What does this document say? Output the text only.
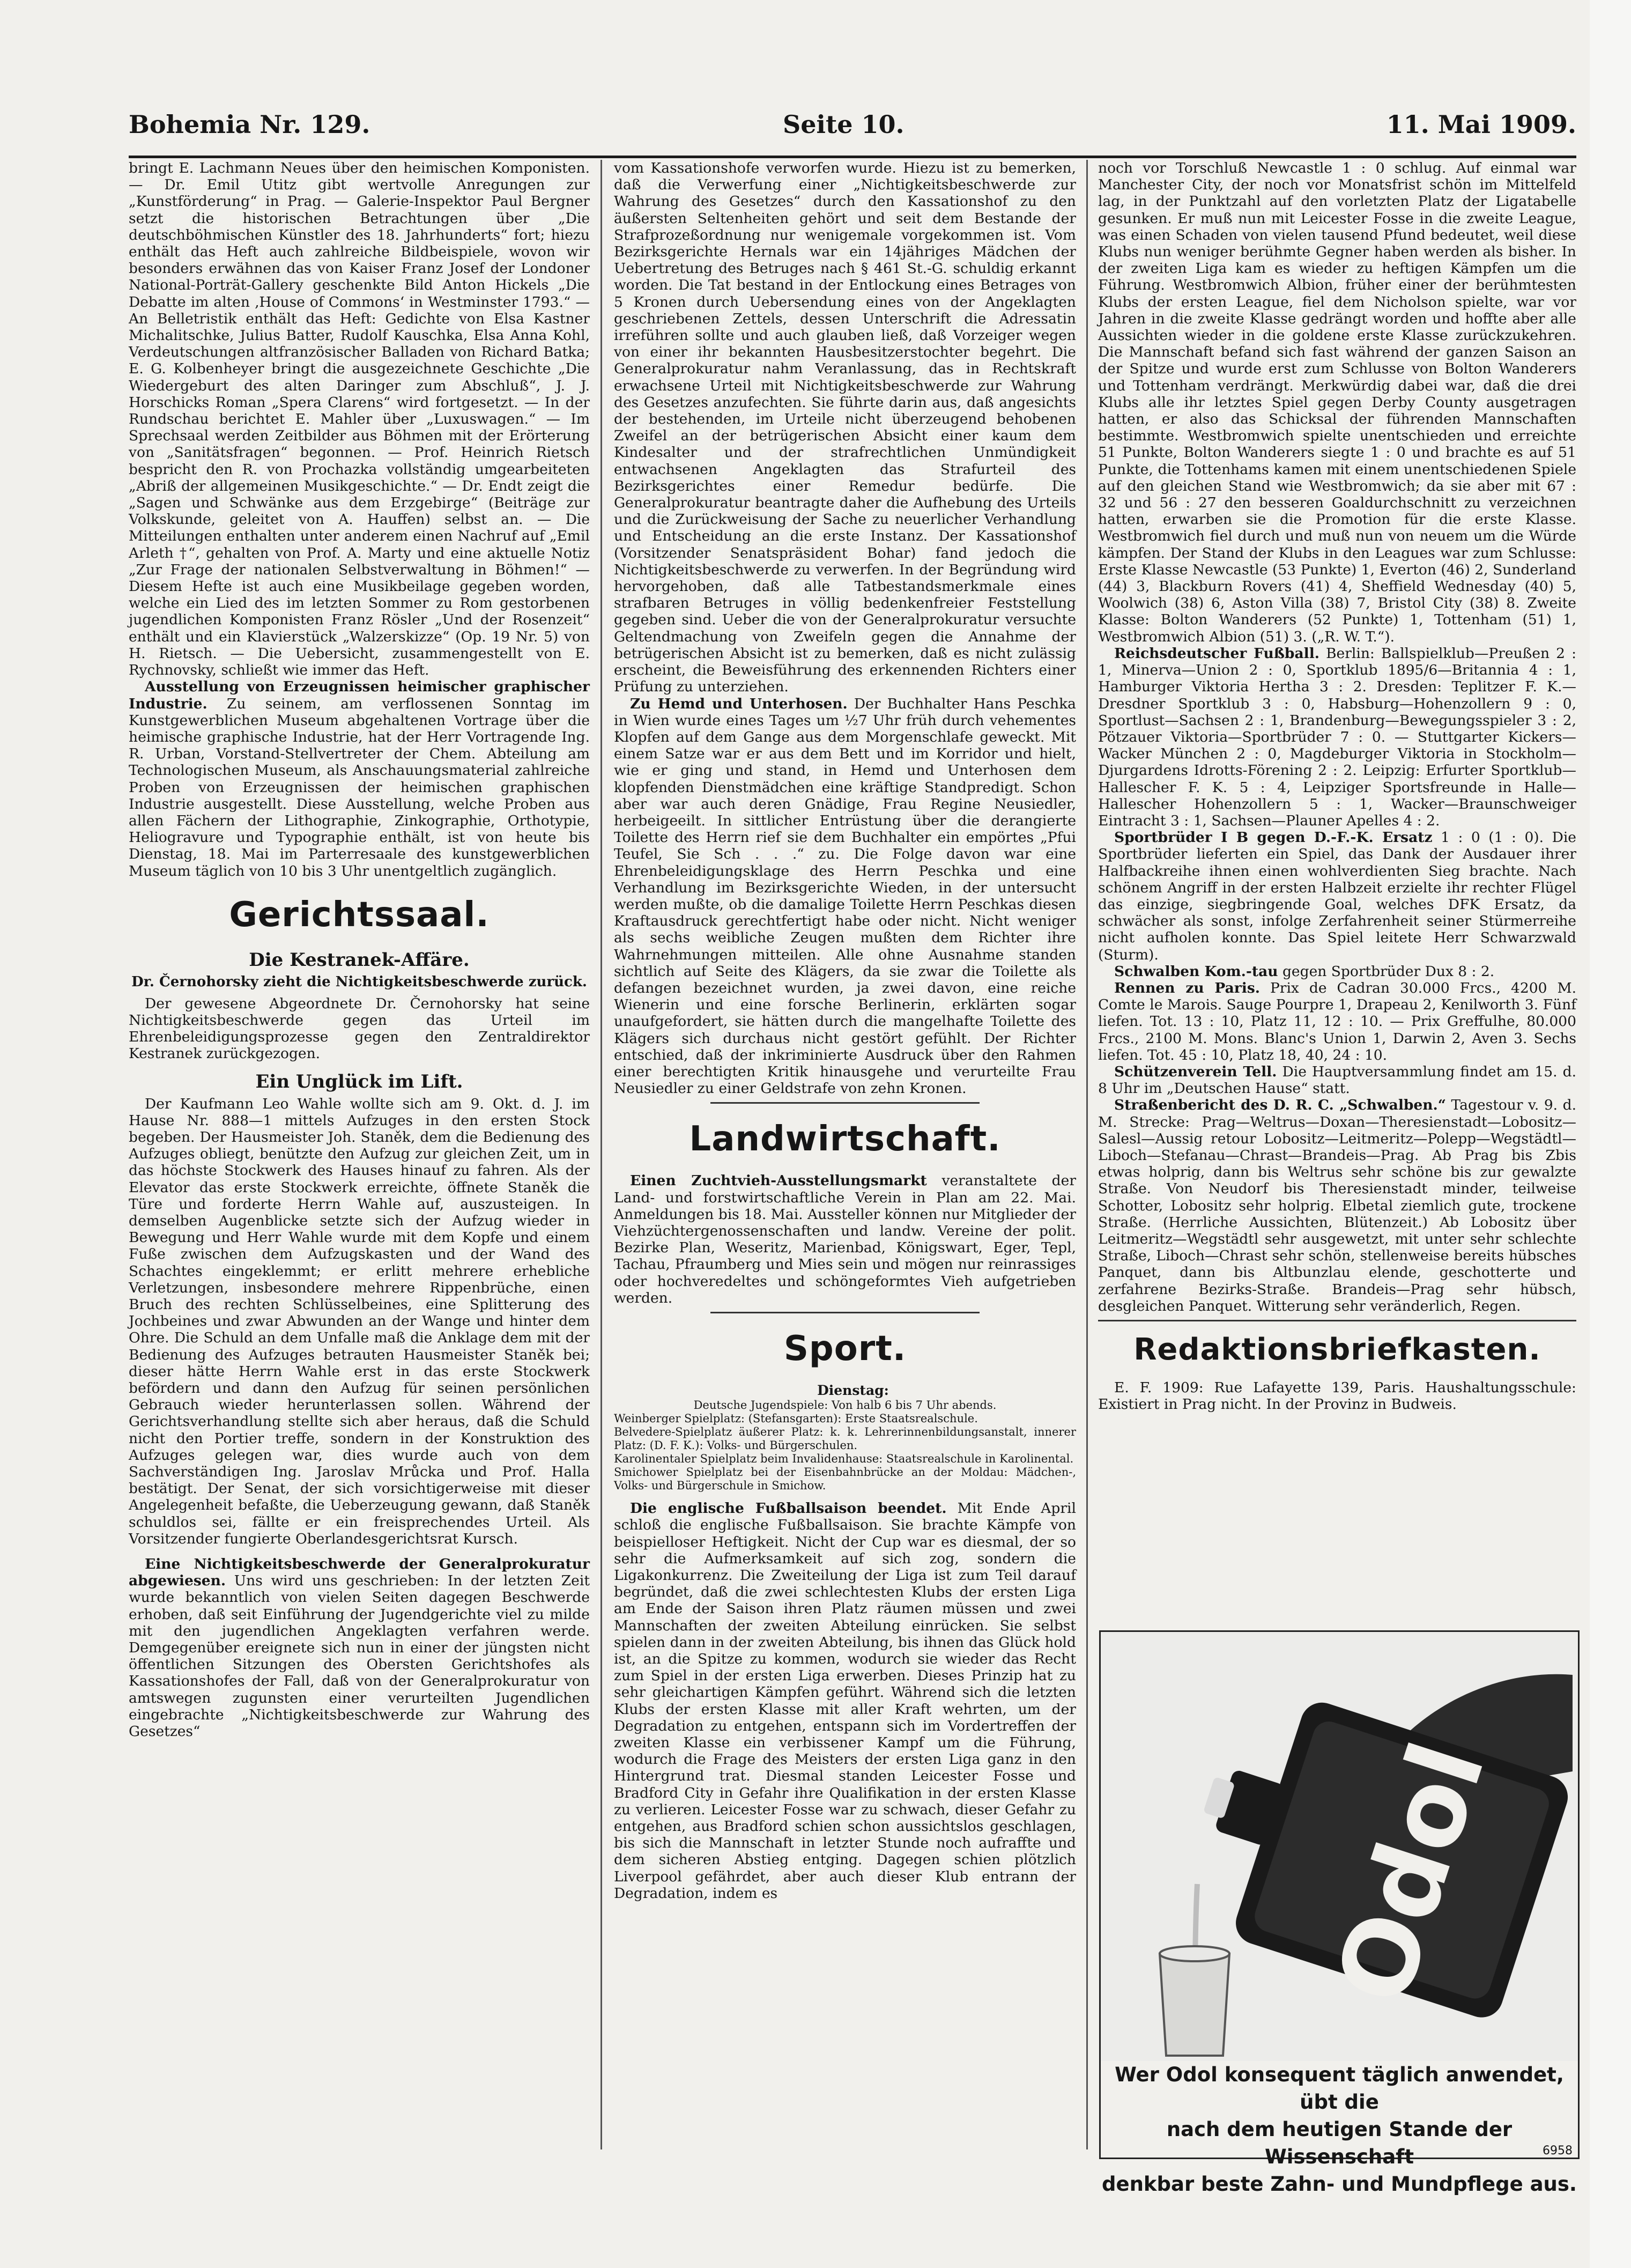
Bohemia Nr. 129.	Seite 10.	11. Mai 1909.

bringt E. Lachmann Neues über den heimischen Komponisten. — Dr. Emil Utitz gibt wertvolle Anregungen zur „Kunstförderung“ in Prag. — Galerie-Inspektor Paul Bergner setzt die historischen Betrachtungen über „Die deutschböhmischen Künstler des 18. Jahrhunderts“ fort; hiezu enthält das Heft auch zahlreiche Bildbeispiele, wovon wir besonders erwähnen das von Kaiser Franz Josef der Londoner National-Porträt-Gallery geschenkte Bild Anton Hickels „Die Debatte im alten ‚House of Commons‘ in Westminster 1793.“ — An Belletristik enthält das Heft: Gedichte von Elsa Kastner Michalitschke, Julius Batter, Rudolf Kauschka, Elsa Anna Kohl, Verdeutschungen altfranzösischer Balladen von Richard Batka; E. G. Kolbenheyer bringt die ausgezeichnete Geschichte „Die Wiedergeburt des alten Daringer zum Abschluß“, J. J. Horschicks Roman „Spera Clarens“ wird fortgesetzt. — In der Rundschau berichtet E. Mahler über „Luxuswagen.“ — Im Sprechsaal werden Zeitbilder aus Böhmen mit der Erörterung von „Sanitätsfragen“ begonnen. — Prof. Heinrich Rietsch bespricht den R. von Prochazka vollständig umgearbeiteten „Abriß der allgemeinen Musikgeschichte.“ — Dr. Endt zeigt die „Sagen und Schwänke aus dem Erzgebirge“ (Beiträge zur Volkskunde, geleitet von A. Hauffen) selbst an. — Die Mitteilungen enthalten unter anderem einen Nachruf auf „Emil Arleth †“, gehalten von Prof. A. Marty und eine aktuelle Notiz „Zur Frage der nationalen Selbstverwaltung in Böhmen!“ — Diesem Hefte ist auch eine Musikbeilage gegeben worden, welche ein Lied des im letzten Sommer zu Rom gestorbenen jugendlichen Komponisten Franz Rösler „Und der Rosenzeit“ enthält und ein Klavierstück „Walzerskizze“ (Op. 19 Nr. 5) von H. Rietsch. — Die Uebersicht, zusammengestellt von E. Rychnovsky, schließt wie immer das Heft.

Ausstellung von Erzeugnissen heimischer graphischer Industrie. Zu seinem, am verflossenen Sonntag im Kunstgewerblichen Museum abgehaltenen Vortrage über die heimische graphische Industrie, hat der Herr Vortragende Ing. R. Urban, Vorstand-Stellvertreter der Chem. Abteilung am Technologischen Museum, als Anschauungsmaterial zahlreiche Proben von Erzeugnissen der heimischen graphischen Industrie ausgestellt. Diese Ausstellung, welche Proben aus allen Fächern der Lithographie, Zinkographie, Orthotypie, Heliogravure und Typographie enthält, ist von heute bis Dienstag, 18. Mai im Parterresaale des kunstgewerblichen Museum täglich von 10 bis 3 Uhr unentgeltlich zugänglich.

Gerichtssaal.
Die Kestranek-Affäre.
Dr. Černohorsky zieht die Nichtigkeitsbeschwerde zurück.

Der gewesene Abgeordnete Dr. Černohorsky hat seine Nichtigkeitsbeschwerde gegen das Urteil im Ehrenbeleidigungsprozesse gegen den Zentraldirektor Kestranek zurückgezogen.

Ein Unglück im Lift.

Der Kaufmann Leo Wahle wollte sich am 9. Okt. d. J. im Hause Nr. 888—1 mittels Aufzuges in den ersten Stock begeben. Der Hausmeister Joh. Staněk, dem die Bedienung des Aufzuges obliegt, benützte den Aufzug zur gleichen Zeit, um in das höchste Stockwerk des Hauses hinauf zu fahren. Als der Elevator das erste Stockwerk erreichte, öffnete Staněk die Türe und forderte Herrn Wahle auf, auszusteigen. In demselben Augenblicke setzte sich der Aufzug wieder in Bewegung und Herr Wahle wurde mit dem Kopfe und einem Fuße zwischen dem Aufzugskasten und der Wand des Schachtes eingeklemmt; er erlitt mehrere erhebliche Verletzungen, insbesondere mehrere Rippenbrüche, einen Bruch des rechten Schlüsselbeines, eine Splitterung des Jochbeines und zwar Abwunden an der Wange und hinter dem Ohre. Die Schuld an dem Unfalle maß die Anklage dem mit der Bedienung des Aufzuges betrauten Hausmeister Staněk bei; dieser hätte Herrn Wahle erst in das erste Stockwerk befördern und dann den Aufzug für seinen persönlichen Gebrauch wieder herunterlassen sollen. Während der Gerichtsverhandlung stellte sich aber heraus, daß die Schuld nicht den Portier treffe, sondern in der Konstruktion des Aufzuges gelegen war, dies wurde auch von dem Sachverständigen Ing. Jaroslav Mrůcka und Prof. Halla bestätigt. Der Senat, der sich vorsichtigerweise mit dieser Angelegenheit befaßte, die Ueberzeugung gewann, daß Staněk schuldlos sei, fällte er ein freisprechendes Urteil. Als Vorsitzender fungierte Oberlandesgerichtsrat Kursch.

Eine Nichtigkeitsbeschwerde der Generalprokuratur abgewiesen. Uns wird uns geschrieben: In der letzten Zeit wurde bekanntlich von vielen Seiten dagegen Beschwerde erhoben, daß seit Einführung der Jugendgerichte viel zu milde mit den jugendlichen Angeklagten verfahren werde. Demgegenüber ereignete sich nun in einer der jüngsten nicht öffentlichen Sitzungen des Obersten Gerichtshofes als Kassationshofes der Fall, daß von der Generalprokuratur von amtswegen zugunsten einer verurteilten Jugendlichen eingebrachte „Nichtigkeitsbeschwerde zur Wahrung des Gesetzes“

vom Kassationshofe verworfen wurde. Hiezu ist zu bemerken, daß die Verwerfung einer „Nichtigkeitsbeschwerde zur Wahrung des Gesetzes“ durch den Kassationshof zu den äußersten Seltenheiten gehört und seit dem Bestande der Strafprozeßordnung nur wenigemale vorgekommen ist. Vom Bezirksgerichte Hernals war ein 14jähriges Mädchen der Uebertretung des Betruges nach § 461 St.-G. schuldig erkannt worden. Die Tat bestand in der Entlockung eines Betrages von 5 Kronen durch Uebersendung eines von der Angeklagten geschriebenen Zettels, dessen Unterschrift die Adressatin irreführen sollte und auch glauben ließ, daß Vorzeiger wegen von einer ihr bekannten Hausbesitzerstochter begehrt. Die Generalprokuratur nahm Veranlassung, das in Rechtskraft erwachsene Urteil mit Nichtigkeitsbeschwerde zur Wahrung des Gesetzes anzufechten. Sie führte darin aus, daß angesichts der bestehenden, im Urteile nicht überzeugend behobenen Zweifel an der betrügerischen Absicht einer kaum dem Kindesalter und der strafrechtlichen Unmündigkeit entwachsenen Angeklagten das Strafurteil des Bezirksgerichtes einer Remedur bedürfe. Die Generalprokuratur beantragte daher die Aufhebung des Urteils und die Zurückweisung der Sache zu neuerlicher Verhandlung und Entscheidung an die erste Instanz. Der Kassationshof (Vorsitzender Senatspräsident Bohar) fand jedoch die Nichtigkeitsbeschwerde zu verwerfen. In der Begründung wird hervorgehoben, daß alle Tatbestandsmerkmale eines strafbaren Betruges in völlig bedenkenfreier Feststellung gegeben sind. Ueber die von der Generalprokuratur versuchte Geltendmachung von Zweifeln gegen die Annahme der betrügerischen Absicht ist zu bemerken, daß es nicht zulässig erscheint, die Beweisführung des erkennenden Richters einer Prüfung zu unterziehen.

Zu Hemd und Unterhosen. Der Buchhalter Hans Peschka in Wien wurde eines Tages um ½7 Uhr früh durch vehementes Klopfen auf dem Gange aus dem Morgenschlafe geweckt. Mit einem Satze war er aus dem Bett und im Korridor und hielt, wie er ging und stand, in Hemd und Unterhosen dem klopfenden Dienstmädchen eine kräftige Standpredigt. Schon aber war auch deren Gnädige, Frau Regine Neusiedler, herbeigeeilt. In sittlicher Entrüstung über die derangierte Toilette des Herrn rief sie dem Buchhalter ein empörtes „Pfui Teufel, Sie Sch . . .“ zu. Die Folge davon war eine Ehrenbeleidigungsklage des Herrn Peschka und eine Verhandlung im Bezirksgerichte Wieden, in der untersucht werden mußte, ob die damalige Toilette Herrn Peschkas diesen Kraftausdruck gerechtfertigt habe oder nicht. Nicht weniger als sechs weibliche Zeugen mußten dem Richter ihre Wahrnehmungen mitteilen. Alle ohne Ausnahme standen sichtlich auf Seite des Klägers, da sie zwar die Toilette als defangen bezeichnet wurden, ja zwei davon, eine reiche Wienerin und eine forsche Berlinerin, erklärten sogar unaufgefordert, sie hätten durch die mangelhafte Toilette des Klägers sich durchaus nicht gestört gefühlt. Der Richter entschied, daß der inkriminierte Ausdruck über den Rahmen einer berechtigten Kritik hinausgehe und verurteilte Frau Neusiedler zu einer Geldstrafe von zehn Kronen.

Landwirtschaft.

Einen Zuchtvieh-Ausstellungsmarkt veranstaltete der Land- und forstwirtschaftliche Verein in Plan am 22. Mai. Anmeldungen bis 18. Mai. Aussteller können nur Mitglieder der Viehzüchtergenossenschaften und landw. Vereine der polit. Bezirke Plan, Weseritz, Marienbad, Königswart, Eger, Tepl, Tachau, Pfraumberg und Mies sein und mögen nur reinrassiges oder hochveredeltes und schöngeformtes Vieh aufgetrieben werden.

Sport.

Dienstag:

Deutsche Jugendspiele: Von halb 6 bis 7 Uhr abends.
Weinberger Spielplatz: (Stefansgarten): Erste Staatsrealschule.
Belvedere-Spielplatz äußerer Platz: k. k. Lehrerinnenbildungsanstalt, innerer Platz: (D. F. K.): Volks- und Bürgerschulen.
Karolinentaler Spielplatz beim Invalidenhause: Staatsrealschule in Karolinental.
Smichower Spielplatz bei der Eisenbahnbrücke an der Moldau: Mädchen-, Volks- und Bürgerschule in Smichow.

Die englische Fußballsaison beendet. Mit Ende April schloß die englische Fußballsaison. Sie brachte Kämpfe von beispielloser Heftigkeit. Nicht der Cup war es diesmal, der so sehr die Aufmerksamkeit auf sich zog, sondern die Ligakonkurrenz. Die Zweiteilung der Liga ist zum Teil darauf begründet, daß die zwei schlechtesten Klubs der ersten Liga am Ende der Saison ihren Platz räumen müssen und zwei Mannschaften der zweiten Abteilung einrücken. Sie selbst spielen dann in der zweiten Abteilung, bis ihnen das Glück hold ist, an die Spitze zu kommen, wodurch sie wieder das Recht zum Spiel in der ersten Liga erwerben. Dieses Prinzip hat zu sehr gleichartigen Kämpfen geführt. Während sich die letzten Klubs der ersten Klasse mit aller Kraft wehrten, um der Degradation zu entgehen, entspann sich im Vordertreffen der zweiten Klasse ein verbissener Kampf um die Führung, wodurch die Frage des Meisters der ersten Liga ganz in den Hintergrund trat. Diesmal standen Leicester Fosse und Bradford City in Gefahr ihre Qualifikation in der ersten Klasse zu verlieren. Leicester Fosse war zu schwach, dieser Gefahr zu entgehen, aus Bradford schien schon aussichtslos geschlagen, bis sich die Mannschaft in letzter Stunde noch aufraffte und dem sicheren Abstieg entging. Dagegen schien plötzlich Liverpool gefährdet, aber auch dieser Klub entrann der Degradation, indem es

noch vor Torschluß Newcastle 1 : 0 schlug. Auf einmal war Manchester City, der noch vor Monatsfrist schön im Mittelfeld lag, in der Punktzahl auf den vorletzten Platz der Ligatabelle gesunken. Er muß nun mit Leicester Fosse in die zweite League, was einen Schaden von vielen tausend Pfund bedeutet, weil diese Klubs nun weniger berühmte Gegner haben werden als bisher. In der zweiten Liga kam es wieder zu heftigen Kämpfen um die Führung. Westbromwich Albion, früher einer der berühmtesten Klubs der ersten League, fiel dem Nicholson spielte, war vor Jahren in die zweite Klasse gedrängt worden und hoffte aber alle Aussichten wieder in die goldene erste Klasse zurückzukehren. Die Mannschaft befand sich fast während der ganzen Saison an der Spitze und wurde erst zum Schlusse von Bolton Wanderers und Tottenham verdrängt. Merkwürdig dabei war, daß die drei Klubs alle ihr letztes Spiel gegen Derby County ausgetragen hatten, er also das Schicksal der führenden Mannschaften bestimmte. Westbromwich spielte unentschieden und erreichte 51 Punkte, Bolton Wanderers siegte 1 : 0 und brachte es auf 51 Punkte, die Tottenhams kamen mit einem unentschiedenen Spiele auf den gleichen Stand wie Westbromwich; da sie aber mit 67 : 32 und 56 : 27 den besseren Goaldurchschnitt zu verzeichnen hatten, erwarben sie die Promotion für die erste Klasse. Westbromwich fiel durch und muß nun von neuem um die Würde kämpfen. Der Stand der Klubs in den Leagues war zum Schlusse: Erste Klasse Newcastle (53 Punkte) 1, Everton (46) 2, Sunderland (44) 3, Blackburn Rovers (41) 4, Sheffield Wednesday (40) 5, Woolwich (38) 6, Aston Villa (38) 7, Bristol City (38) 8. Zweite Klasse: Bolton Wanderers (52 Punkte) 1, Tottenham (51) 1, Westbromwich Albion (51) 3. („R. W. T.“).

Reichsdeutscher Fußball. Berlin: Ballspielklub—Preußen 2 : 1, Minerva—Union 2 : 0, Sportklub 1895/6—Britannia 4 : 1, Hamburger Viktoria Hertha 3 : 2. Dresden: Teplitzer F. K.—Dresdner Sportklub 3 : 0, Habsburg—Hohenzollern 9 : 0, Sportlust—Sachsen 2 : 1, Brandenburg—Bewegungsspieler 3 : 2, Pötzauer Viktoria—Sportbrüder 7 : 0. — Stuttgarter Kickers—Wacker München 2 : 0, Magdeburger Viktoria in Stockholm—Djurgardens Idrotts-Förening 2 : 2. Leipzig: Erfurter Sportklub—Hallescher F. K. 5 : 4, Leipziger Sportsfreunde in Halle—Hallescher Hohenzollern 5 : 1, Wacker—Braunschweiger Eintracht 3 : 1, Sachsen—Plauner Apelles 4 : 2.

Sportbrüder I B gegen D.-F.-K. Ersatz 1 : 0 (1 : 0). Die Sportbrüder lieferten ein Spiel, das Dank der Ausdauer ihrer Halfbackreihe ihnen einen wohlverdienten Sieg brachte. Nach schönem Angriff in der ersten Halbzeit erzielte ihr rechter Flügel das einzige, siegbringende Goal, welches DFK Ersatz, da schwächer als sonst, infolge Zerfahrenheit seiner Stürmerreihe nicht aufholen konnte. Das Spiel leitete Herr Schwarzwald (Sturm).

Schwalben Kom.-tau gegen Sportbrüder Dux 8 : 2.

Rennen zu Paris. Prix de Cadran 30.000 Frcs., 4200 M. Comte le Marois. Sauge Pourpre 1, Drapeau 2, Kenilworth 3. Fünf liefen. Tot. 13 : 10, Platz 11, 12 : 10. — Prix Greffulhe, 80.000 Frcs., 2100 M. Mons. Blanc's Union 1, Darwin 2, Aven 3. Sechs liefen. Tot. 45 : 10, Platz 18, 40, 24 : 10.

Schützenverein Tell. Die Hauptversammlung findet am 15. d. 8 Uhr im „Deutschen Hause“ statt.

Straßenbericht des D. R. C. „Schwalben.“ Tagestour v. 9. d. M. Strecke: Prag—Weltrus—Doxan—Theresienstadt—Lobositz—Salesl—Aussig retour Lobositz—Leitmeritz—Polepp—Wegstädtl—Liboch—Stefanau—Chrast—Brandeis—Prag. Ab Prag bis Zbis etwas holprig, dann bis Weltrus sehr schöne bis zur gewalzte Straße. Von Neudorf bis Theresienstadt minder, teilweise Schotter, Lobositz sehr holprig. Elbetal ziemlich gute, trockene Straße. (Herrliche Aussichten, Blütenzeit.) Ab Lobositz über Leitmeritz—Wegstädtl sehr ausgewetzt, mit unter sehr schlechte Straße, Liboch—Chrast sehr schön, stellenweise bereits hübsches Panquet, dann bis Altbunzlau elende, geschotterte und zerfahrene Bezirks-Straße. Brandeis—Prag sehr hübsch, desgleichen Panquet. Witterung sehr veränderlich, Regen.

Redaktionsbriefkasten.

E. F. 1909: Rue Lafayette 139, Paris. Haushaltungsschule: Existiert in Prag nicht. In der Provinz in Budweis.

Odol
Wer Odol konsequent täglich anwendet, übt die
nach dem heutigen Stande der Wissenschaft
denkbar beste Zahn- und Mundpflege aus.
6958
